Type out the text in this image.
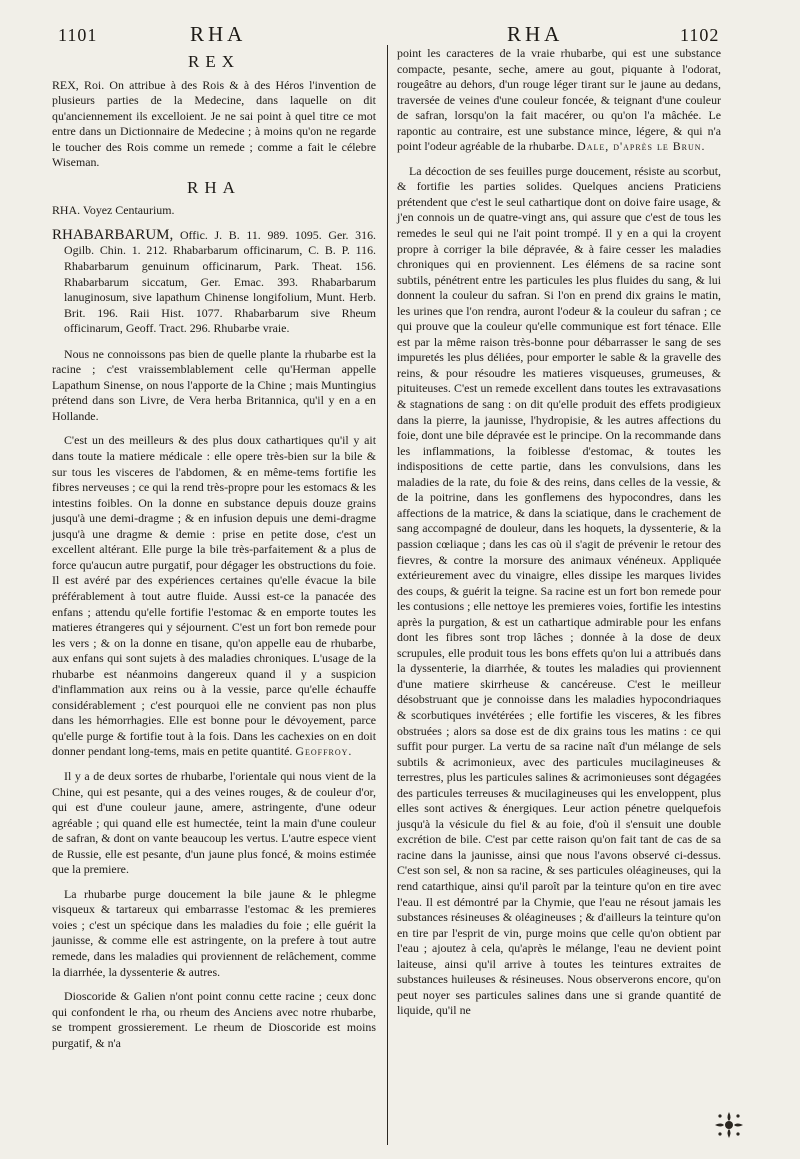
1101	RHA	RHA	1102
REX

REX, Roi. On attribue à des Rois & à des Héros l'invention de plusieurs parties de la Medecine, dans laquelle on dit qu'anciennement ils excelloient. Je ne sai point à quel titre ce mot entre dans un Dictionnaire de Medecine ; à moins qu'on ne regarde le toucher des Rois comme un remede ; comme a fait le célebre Wiseman.

RHA

RHA. Voyez Centaurium.

RHABARBARUM, Offic. J. B. 11. 989. 1095. Ger. 316. Ogilb. Chin. 1. 212. Rhabarbarum officinarum, C. B. P. 116. Rhabarbarum genuinum officinarum, Park. Theat. 156. Rhabarbarum siccatum, Ger. Emac. 393. Rhabarbarum lanuginosum, sive lapathum Chinense longifolium, Munt. Herb. Brit. 196. Raii Hist. 1077. Rhabarbarum sive Rheum officinarum, Geoff. Tract. 296. Rhubarbe vraie.

Nous ne connoissons pas bien de quelle plante la rhubarbe est la racine ; c'est vraissemblablement celle qu'Herman appelle Lapathum Sinense, on nous l'apporte de la Chine ; mais Muntingius prétend dans son Livre, de Vera herba Britannica, qu'il y en a en Hollande.

C'est un des meilleurs & des plus doux cathartiques qu'il y ait dans toute la matiere médicale : elle opere très-bien sur la bile & sur tous les visceres de l'abdomen, & en même-tems fortifie les fibres nerveuses ; ce qui la rend très-propre pour les estomacs & les intestins foibles. On la donne en substance depuis douze grains jusqu'à une demi-dragme ; & en infusion depuis une demi-dragme jusqu'à une dragme & demie : prise en petite dose, c'est un excellent altérant. Elle purge la bile très-parfaitement & a plus de force qu'aucun autre purgatif, pour dégager les obstructions du foie. Il est avéré par des expériences certaines qu'elle évacue la bile préférablement à tout autre fluide. Aussi est-ce la panacée des enfans ; attendu qu'elle fortifie l'estomac & en emporte toutes les matieres étrangeres qui y séjournent. C'est un fort bon remede pour les vers ; & on la donne en tisane, qu'on appelle eau de rhubarbe, aux enfans qui sont sujets à des maladies chroniques. L'usage de la rhubarbe est néanmoins dangereux quand il y a suspicion d'inflammation aux reins ou à la vessie, parce qu'elle échauffe considérablement ; c'est pourquoi elle ne convient pas non plus dans les hémorrhagies. Elle est bonne pour le dévoyement, parce qu'elle purge & fortifie tout à la fois. Dans les cachexies on en doit donner pendant long-tems, mais en petite quantité. Geoffroy.

Il y a de deux sortes de rhubarbe, l'orientale qui nous vient de la Chine, qui est pesante, qui a des veines rouges, & de couleur d'or, qui est d'une couleur jaune, amere, astringente, d'une odeur agréable ; qui quand elle est humectée, teint la main d'une couleur de safran, & dont on vante beaucoup les vertus. L'autre espece vient de Russie, elle est pesante, d'un jaune plus foncé, & moins estimée que la premiere.

La rhubarbe purge doucement la bile jaune & le phlegme visqueux & tartareux qui embarrasse l'estomac & les premieres voies ; c'est un spécique dans les maladies du foie ; elle guérit la jaunisse, & comme elle est astringente, on la prefere à tout autre remede, dans les maladies qui proviennent de relâchement, comme la diarrhée, la dyssenterie & autres.

Dioscoride & Galien n'ont point connu cette racine ; ceux donc qui confondent le rha, ou rheum des Anciens avec notre rhubarbe, se trompent grossierement. Le rheum de Dioscoride est moins purgatif, & n'a

point les caracteres de la vraie rhubarbe, qui est une substance compacte, pesante, seche, amere au gout, piquante à l'odorat, rougeâtre au dehors, d'un rouge léger tirant sur le jaune au dedans, traversée de veines d'une couleur foncée, & teignant d'une couleur de safran, lorsqu'on la fait macérer, ou qu'on l'a mâchée. Le rapontic au contraire, est une substance mince, légere, & qui n'a point l'odeur agréable de la rhubarbe. Dale, d'après le Brun.

La décoction de ses feuilles purge doucement, résiste au scorbut, & fortifie les parties solides. Quelques anciens Praticiens prétendent que c'est le seul cathartique dont on doive faire usage, & j'en connois un de quatre-vingt ans, qui assure que c'est de tous les remedes le seul qui ne l'ait point trompé. Il y en a qui la croyent propre à corriger la bile dépravée, & à faire cesser les maladies chroniques qui en proviennent. Les élémens de sa racine sont subtils, pénétrent entre les particules les plus fluides du sang, & lui donnent la couleur du safran. Si l'on en prend dix grains le matin, les urines que l'on rendra, auront l'odeur & la couleur du safran ; ce qui prouve que la couleur qu'elle communique est fort ténace. Elle est par la même raison très-bonne pour débarrasser le sang de ses impuretés les plus déliées, pour emporter le sable & la gravelle des reins, & pour résoudre les matieres visqueuses, grumeuses, & pituiteuses. C'est un remede excellent dans toutes les extravasations & stagnations de sang : on dit qu'elle produit des effets prodigieux dans la pierre, la jaunisse, l'hydropisie, & les autres affections du foie, dont une bile dépravée est le principe. On la recommande dans les inflammations, la foiblesse d'estomac, & toutes les indispositions de cette partie, dans les convulsions, dans les maladies de la rate, du foie & des reins, dans celles de la vessie, & de la poitrine, dans les gonflemens des hypocondres, dans les affections de la matrice, & dans la sciatique, dans le crachement de sang accompagné de douleur, dans les hoquets, la dyssenterie, & la passion cœliaque ; dans les cas où il s'agit de prévenir le retour des fievres, & contre la morsure des animaux vénéneux. Appliquée extérieurement avec du vinaigre, elles dissipe les marques livides des coups, & guérit la teigne. Sa racine est un fort bon remede pour les contusions ; elle nettoye les premieres voies, fortifie les intestins après la purgation, & est un cathartique admirable pour les enfans dont les fibres sont trop lâches ; donnée à la dose de deux scrupules, elle produit tous les bons effets qu'on lui a attribués dans la dyssenterie, la diarrhée, & toutes les maladies qui proviennent d'une matiere skirrheuse & cancéreuse. C'est le meilleur désobstruant que je connoisse dans les maladies hypocondriaques & scorbutiques invétérées ; elle fortifie les visceres, & les fibres obstruées ; alors sa dose est de dix grains tous les matins : ce qui suffit pour purger. La vertu de sa racine naît d'un mélange de sels subtils & acrimonieux, avec des particules mucilagineuses & terrestres, plus les particules salines & acrimonieuses sont dégagées des particules terreuses & mucilagineuses qui les enveloppent, plus elles sont actives & énergiques. Leur action pénetre quelquefois jusqu'à la vésicule du fiel & au foie, d'où il s'ensuit une double excrétion de bile. C'est par cette raison qu'on fait tant de cas de sa racine dans la jaunisse, ainsi que nous l'avons observé ci-dessus. C'est son sel, & non sa racine, & ses particules oléagineuses, qui la rend catarthique, ainsi qu'il paroît par la teinture qu'on en tire avec l'eau. Il est démontré par la Chymie, que l'eau ne résout jamais les substances résineuses & oléagineuses ; & d'ailleurs la teinture qu'on en tire par l'esprit de vin, purge moins que celle qu'on obtient par l'eau ; ajoutez à cela, qu'après le mélange, l'eau ne devient point laiteuse, ainsi qu'il arrive à toutes les teintures extraites de substances huileuses & résineuses. Nous observerons encore, qu'on peut noyer ses particules salines dans une si grande quantité de liquide, qu'il ne
